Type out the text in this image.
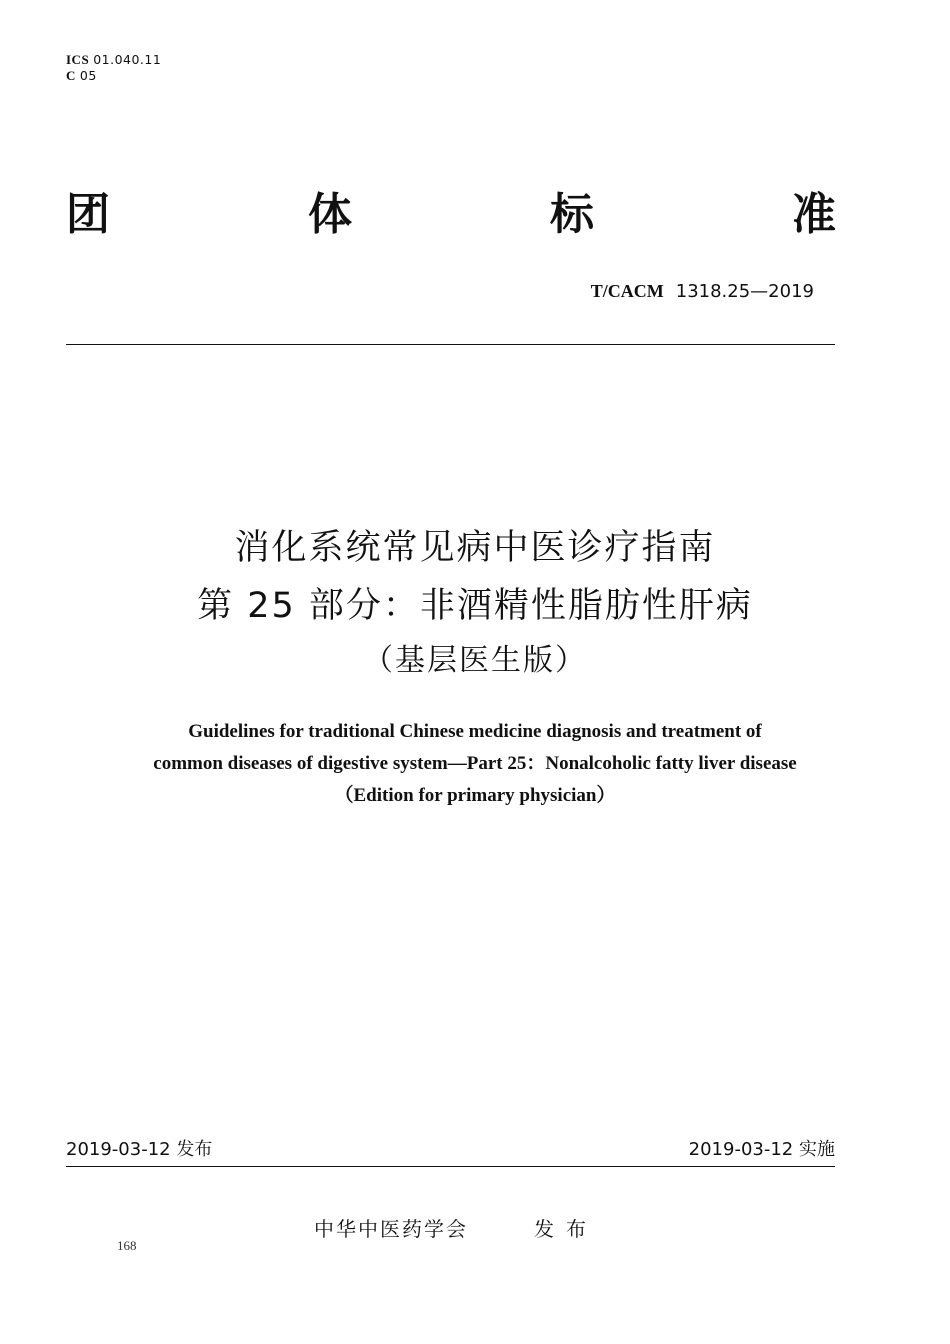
ICS 01.040.11
C 05
团	体	标	准
T/CACM 1318.25—2019
消化系统常见病中医诊疗指南
第 25 部分：非酒精性脂肪性肝病
（基层医生版）
Guidelines for traditional Chinese medicine diagnosis and treatment of
common diseases of digestive system—Part 25：Nonalcoholic fatty liver disease
（Edition for primary physician）
2019-03-12 发布	2019-03-12 实施
中华中医药学会	发布
168
